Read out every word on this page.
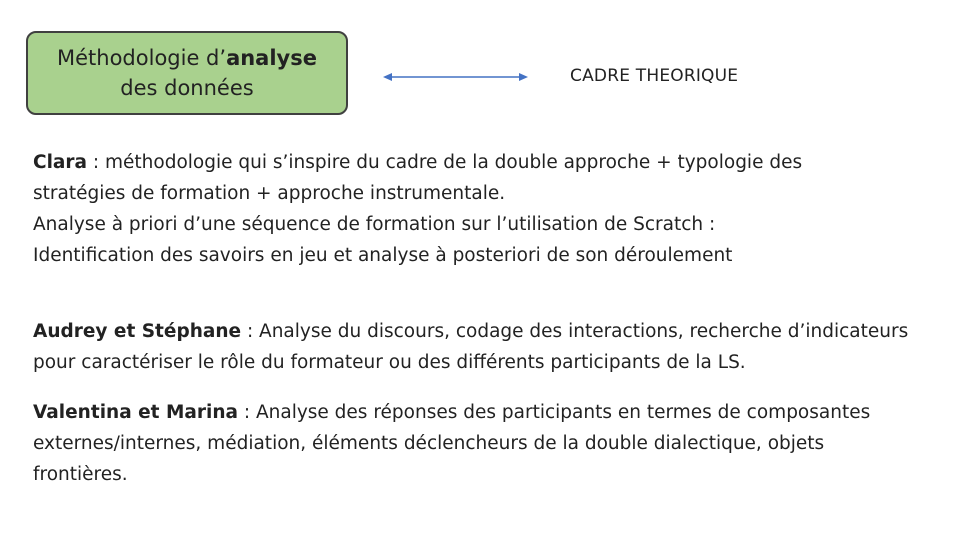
Méthodologie d’analyse
des données	CADRE THEORIQUE
Clara : méthodologie qui s’inspire du cadre de la double approche + typologie des
stratégies de formation + approche instrumentale.
Analyse à priori d’une séquence de formation sur l’utilisation de Scratch :
Identification des savoirs en jeu et analyse à posteriori de son déroulement
Audrey et Stéphane : Analyse du discours, codage des interactions, recherche d’indicateurs
pour caractériser le rôle du formateur ou des différents participants de la LS.
Valentina et Marina : Analyse des réponses des participants en termes de composantes
externes/internes, médiation, éléments déclencheurs de la double dialectique, objets
frontières.
